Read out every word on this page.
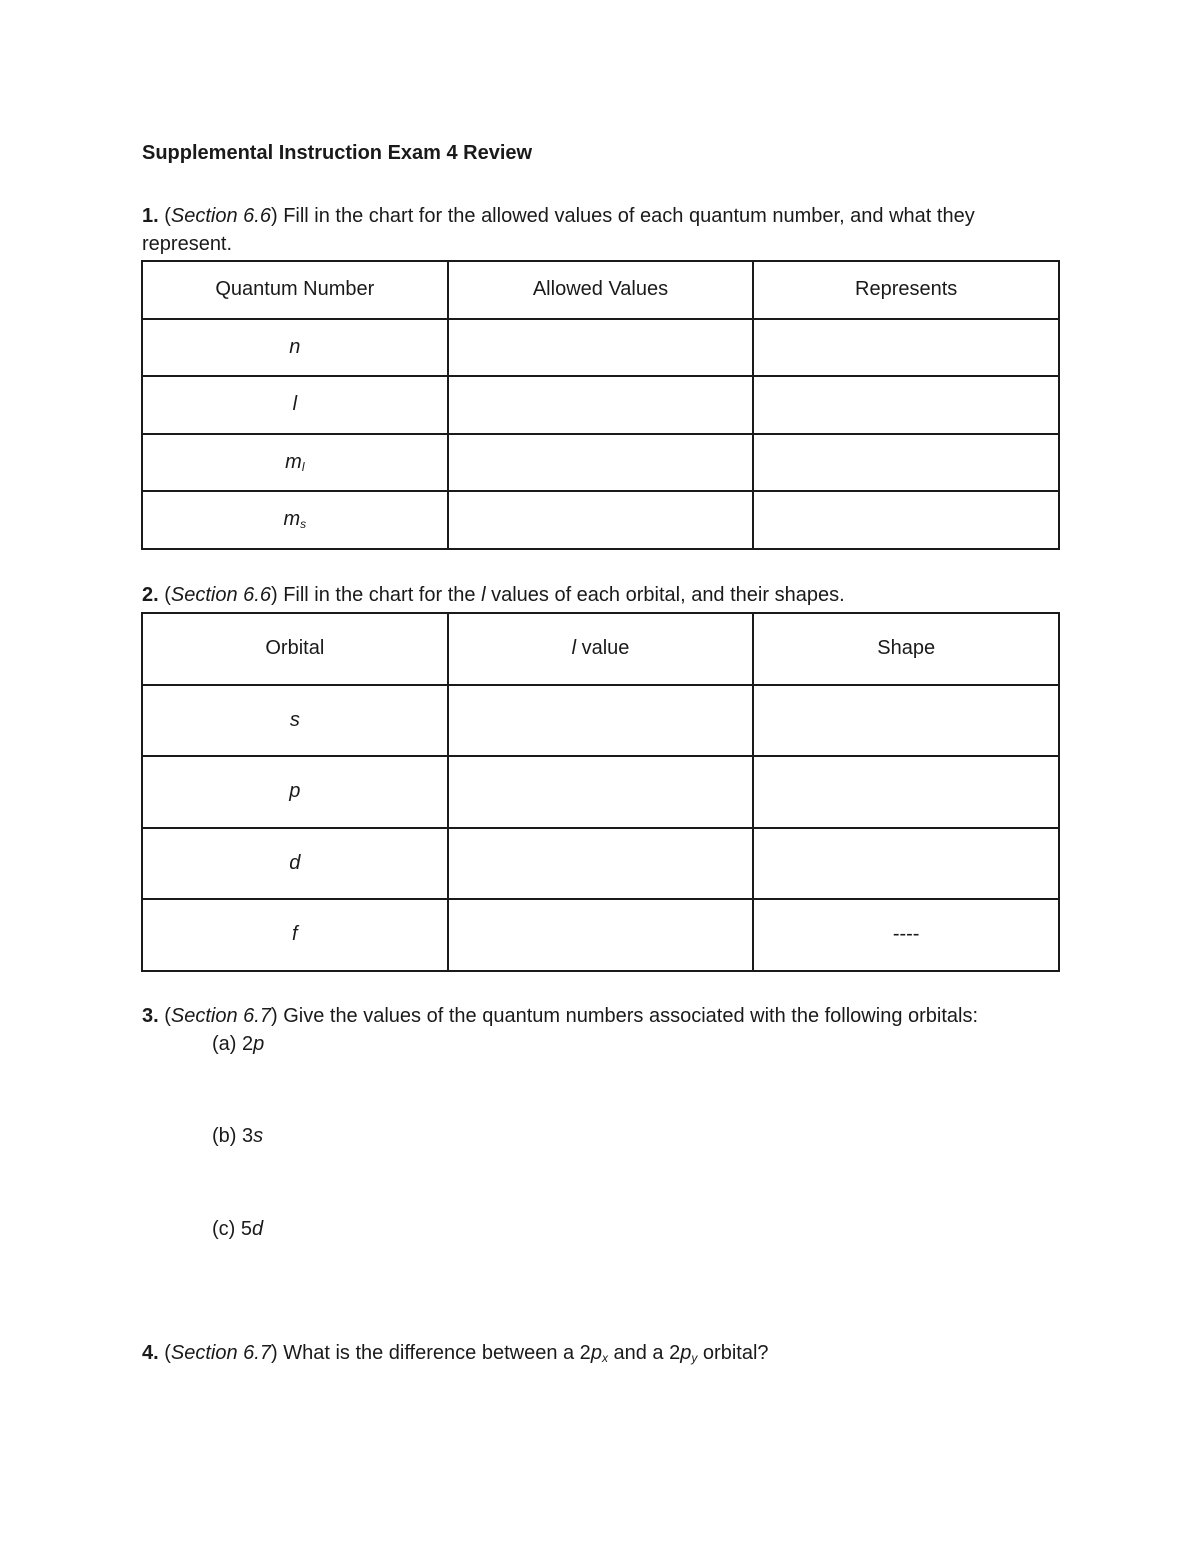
Supplemental Instruction Exam 4 Review
1. (Section 6.6) Fill in the chart for the allowed values of each quantum number, and what they represent.
Quantum Number	Allowed Values	Represents
n		
l		
$m_l$		
$m_s$		
2. (Section 6.6) Fill in the chart for the l values of each orbital, and their shapes.
Orbital	l value	Shape
s		
p		
d		
f		----
3. (Section 6.7) Give the values of the quantum numbers associated with the following orbitals:
(a) 2p
(b) 3s
(c) 5d
4. (Section 6.7) What is the difference between a $2p_x$ and a $2p_y$ orbital?
